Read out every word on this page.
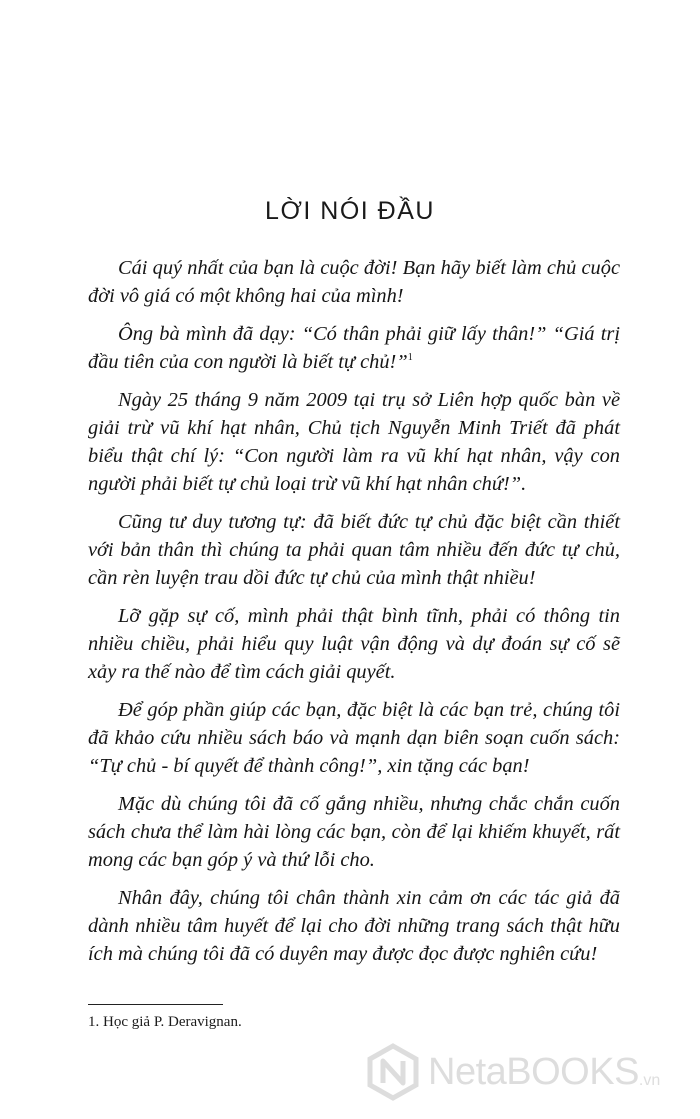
LỜI NÓI ĐẦU

Cái quý nhất của bạn là cuộc đời! Bạn hãy biết làm chủ cuộc đời vô giá có một không hai của mình!

Ông bà mình đã dạy: “Có thân phải giữ lấy thân!” “Giá trị đầu tiên của con người là biết tự chủ!”$^1$

Ngày 25 tháng 9 năm 2009 tại trụ sở Liên hợp quốc bàn về giải trừ vũ khí hạt nhân, Chủ tịch Nguyễn Minh Triết đã phát biểu thật chí lý: “Con người làm ra vũ khí hạt nhân, vậy con người phải biết tự chủ loại trừ vũ khí hạt nhân chứ!”.

Cũng tư duy tương tự: đã biết đức tự chủ đặc biệt cần thiết với bản thân thì chúng ta phải quan tâm nhiều đến đức tự chủ, cần rèn luyện trau dồi đức tự chủ của mình thật nhiều!

Lỡ gặp sự cố, mình phải thật bình tĩnh, phải có thông tin nhiều chiều, phải hiểu quy luật vận động và dự đoán sự cố sẽ xảy ra thế nào để tìm cách giải quyết.

Để góp phần giúp các bạn, đặc biệt là các bạn trẻ, chúng tôi đã khảo cứu nhiều sách báo và mạnh dạn biên soạn cuốn sách: “Tự chủ - bí quyết để thành công!”, xin tặng các bạn!

Mặc dù chúng tôi đã cố gắng nhiều, nhưng chắc chắn cuốn sách chưa thể làm hài lòng các bạn, còn để lại khiếm khuyết, rất mong các bạn góp ý và thứ lỗi cho.

Nhân đây, chúng tôi chân thành xin cảm ơn các tác giả đã dành nhiều tâm huyết để lại cho đời những trang sách thật hữu ích mà chúng tôi đã có duyên may được đọc được nghiên cứu!

1. Học giả P. Deravignan.
NetaBOOKS .vn
